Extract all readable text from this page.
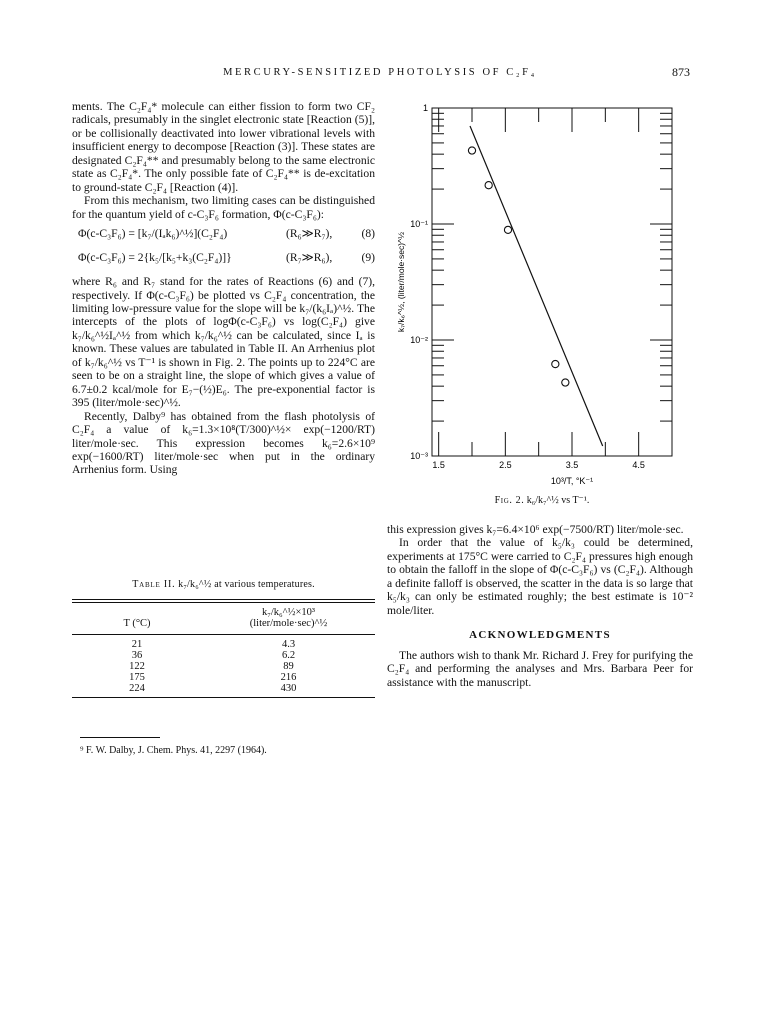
MERCURY-SENSITIZED PHOTOLYSIS OF C₂F₄	873

ments. The C₂F₄* molecule can either fission to form two CF₂ radicals, presumably in the singlet electronic state [Reaction (5)], or be collisionally deactivated into lower vibrational levels with insufficient energy to decompose [Reaction (3)]. These states are designated C₂F₄** and presumably belong to the same electronic state as C₂F₄*. The only possible fate of C₂F₄** is de-excitation to ground-state C₂F₄ [Reaction (4)].

From this mechanism, two limiting cases can be distinguished for the quantum yield of c-C₃F₆ formation, Φ(c-C₃F₆):

Φ(c-C₃F₆) = [k₇/(Iₐk₆)^½](C₂F₄)	(R₆≫R₇),	(8)
Φ(c-C₃F₆) = 2{k₅/[k₅+k₃(C₂F₄)]}	(R₇≫R₆),	(9)

where R₆ and R₇ stand for the rates of Reactions (6) and (7), respectively. If Φ(c-C₃F₆) be plotted vs C₂F₄ concentration, the limiting low-pressure value for the slope will be k₇/(k₆Iₐ)^½. The intercepts of the plots of logΦ(c-C₃F₆) vs log(C₂F₄) give k₇/k₆^½Iₐ^½ from which k₇/k₆^½ can be calculated, since Iₐ is known. These values are tabulated in Table II. An Arrhenius plot of k₇/k₆^½ vs T⁻¹ is shown in Fig. 2. The points up to 224°C are seen to be on a straight line, the slope of which gives a value of 6.7±0.2 kcal/mole for E₇−(½)E₆. The pre-exponential factor is 395 (liter/mole·sec)^½.

Recently, Dalby⁹ has obtained from the flash photolysis of C₂F₄ a value of k₆=1.3×10⁸(T/300)^½× exp(−1200/RT) liter/mole·sec. This expression becomes k₆=2.6×10⁹ exp(−1600/RT) liter/mole·sec when put in the ordinary Arrhenius form. Using

Table II. k₇/k₆^½ at various temperatures.
T (°C)	k₇/k₆^½×10³
(liter/mole·sec)^½

21	4.3
36	6.2
122	89
175	216
224	430
⁹ F. W. Dalby, J. Chem. Phys. 41, 2297 (1964).
1.5	2.5	3.5	4.5
1
10⁻¹
10⁻²
10⁻³
10³/T, °K⁻¹
k₇/k₆^½, (liter/mole·sec)^½
Fig. 2. k₆/k₇^½ vs T⁻¹.

this expression gives k₇=6.4×10⁶ exp(−7500/RT) liter/mole·sec.

In order that the value of k₅/k₃ could be determined, experiments at 175°C were carried to C₂F₄ pressures high enough to obtain the falloff in the slope of Φ(c-C₃F₆) vs (C₂F₄). Although a definite falloff is observed, the scatter in the data is so large that k₅/k₃ can only be estimated roughly; the best estimate is 10⁻² mole/liter.

ACKNOWLEDGMENTS

The authors wish to thank Mr. Richard J. Frey for purifying the C₂F₄ and performing the analyses and Mrs. Barbara Peer for assistance with the manuscript.
